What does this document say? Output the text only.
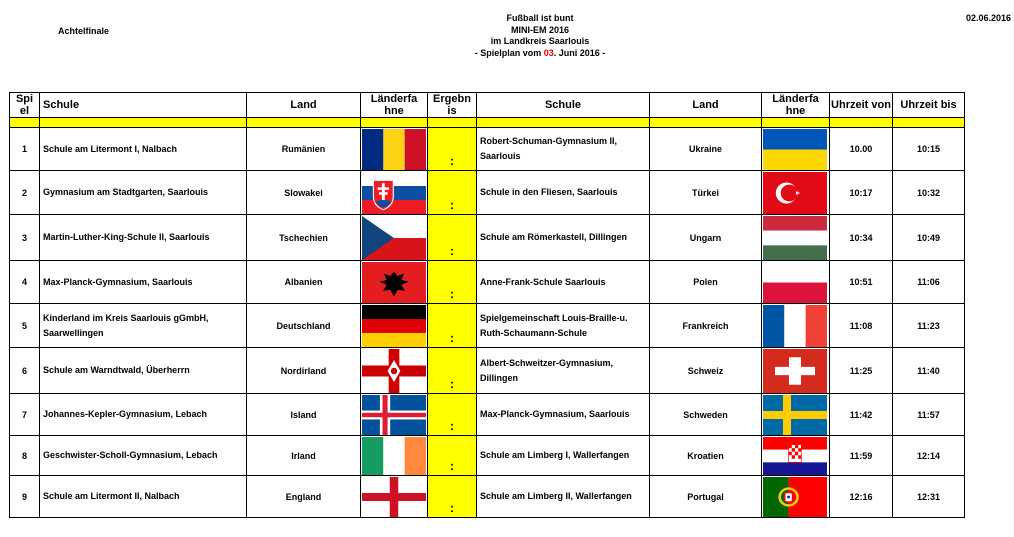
Achtelfinale
02.06.2016
Fußball ist bunt
MINI-EM 2016
im Landkreis Saarlouis
- Spielplan vom 03. Juni 2016 -
Spi el	Schule	Land	Länderfa hne	Ergebn is	Schule	Land	Länderfa hne	Uhrzeit von	Uhrzeit bis

1	Schule am Litermont I, Nalbach	Rumänien		:	Robert-Schuman-Gymnasium II, Saarlouis	Ukraine		10.00	10:15
2	Gymnasium am Stadtgarten, Saarlouis	Slowakei		:	Schule in den Fliesen, Saarlouis	Türkei		10:17	10:32
3	Martin-Luther-King-Schule II, Saarlouis	Tschechien		:	Schule am Römerkastell, Dillingen	Ungarn		10:34	10:49
4	Max-Planck-Gymnasium, Saarlouis	Albanien		:	Anne-Frank-Schule Saarlouis	Polen		10:51	11:06
5	Kinderland im Kreis Saarlouis gGmbH, Saarwellingen	Deutschland		:	Spielgemeinschaft Louis-Braille-u. Ruth-Schaumann-Schule	Frankreich		11:08	11:23
6	Schule am Warndtwald, Überherrn	Nordirland		:	Albert-Schweitzer-Gymnasium, Dillingen	Schweiz		11:25	11:40
7	Johannes-Kepler-Gymnasium, Lebach	Island		:	Max-Planck-Gymnasium, Saarlouis	Schweden		11:42	11:57
8	Geschwister-Scholl-Gymnasium, Lebach	Irland		:	Schule am Limberg I, Wallerfangen	Kroatien		11:59	12:14
9	Schule am Litermont II, Nalbach	England		:	Schule am Limberg II, Wallerfangen	Portugal		12:16	12:31
